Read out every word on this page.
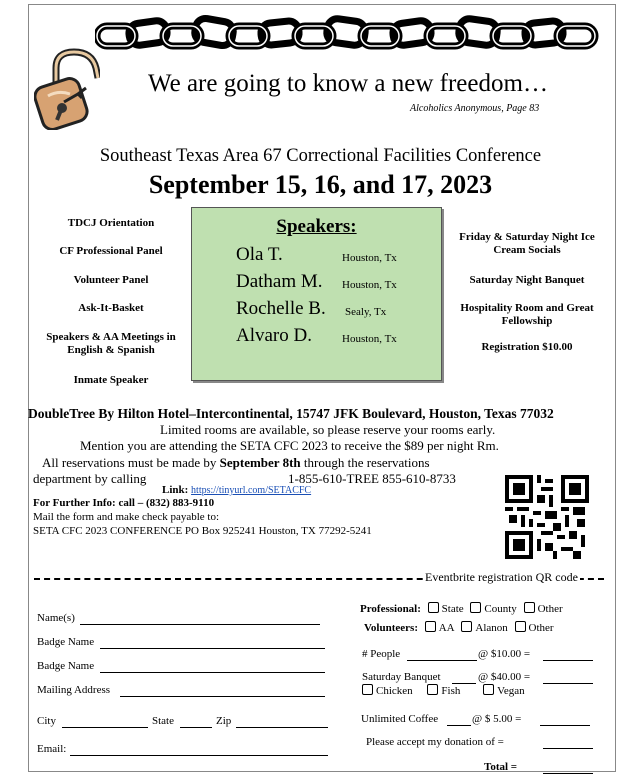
We are going to know a new freedom…
Alcoholics Anonymous, Page 83
Southeast Texas Area 67 Correctional Facilities Conference
September 15, 16, and 17, 2023
TDCJ Orientation
CF Professional Panel
Volunteer Panel
Ask-It-Basket
Speakers & AA Meetings in English & Spanish
Inmate Speaker
Speakers:
Ola T.	Houston, Tx
Datham M. Houston, Tx
Rochelle B. Sealy, Tx
Alvaro D.	Houston, Tx
Friday & Saturday Night Ice Cream Socials
Saturday Night Banquet
Hospitality Room and Great Fellowship
Registration $10.00
DoubleTree By Hilton Hotel–Intercontinental, 15747 JFK Boulevard, Houston, Texas 77032
Limited rooms are available, so please reserve your rooms early.
Mention you are attending the SETA CFC 2023 to receive the $89 per night Rm.
All reservations must be made by September 8th through the reservations
department by calling	1-855-610-TREE 855-610-8733
Link: https://tinyurl.com/SETACFC
For Further Info: call – (832) 883-9110
Mail the form and make check payable to:
SETA CFC 2023 CONFERENCE PO Box 925241 Houston, TX 77292-5241
Eventbrite registration QR code
Name(s)
Badge Name
Badge Name
Mailing Address
City	State	Zip
Email:
Professional: State County Other
Volunteers: AA Alanon Other
# People	@ $10.00 =
Saturday Banquet	@ $40.00 =
Chicken	Fish	Vegan
Unlimited Coffee	@ $ 5.00 =
Please accept my donation of =
Total =
